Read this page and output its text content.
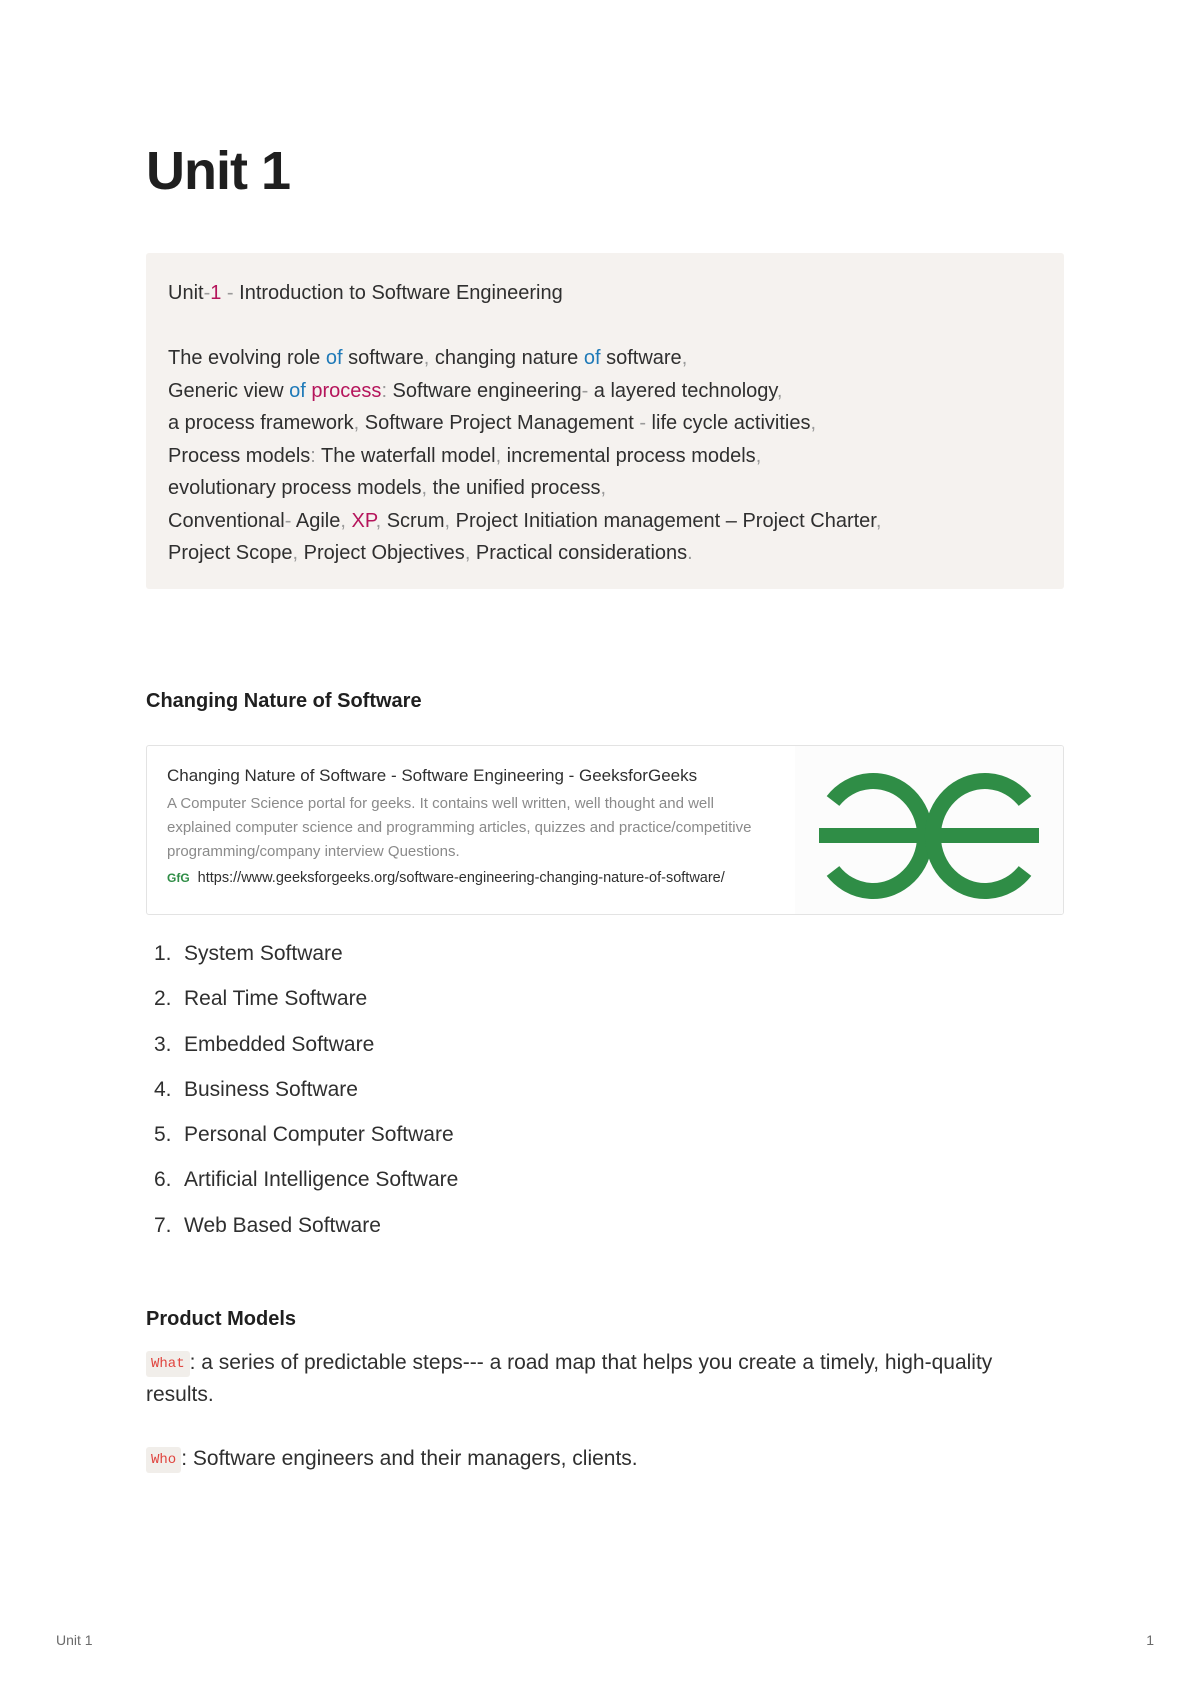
Unit 1
Unit-1 - Introduction to Software Engineering
The evolving role of software, changing nature of software,
Generic view of process: Software engineering- a layered technology,
a process framework, Software Project Management - life cycle activities,
Process models: The waterfall model, incremental process models,
evolutionary process models, the unified process,
Conventional- Agile, XP, Scrum, Project Initiation management – Project Charter,
Project Scope, Project Objectives, Practical considerations.
Changing Nature of Software
Changing Nature of Software - Software Engineering - GeeksforGeeks
A Computer Science portal for geeks. It contains well written, well thought and well explained computer science and programming articles, quizzes and practice/competitive programming/company interview Questions.
GfG https://www.geeksforgeeks.org/software-engineering-changing-nature-of-software/
1. System Software
2. Real Time Software
3. Embedded Software
4. Business Software
5. Personal Computer Software
6. Artificial Intelligence Software
7. Web Based Software
Product Models
What : a series of predictable steps--- a road map that helps you create a timely, high-quality results.
Who : Software engineers and their managers, clients.
Unit 1	1
